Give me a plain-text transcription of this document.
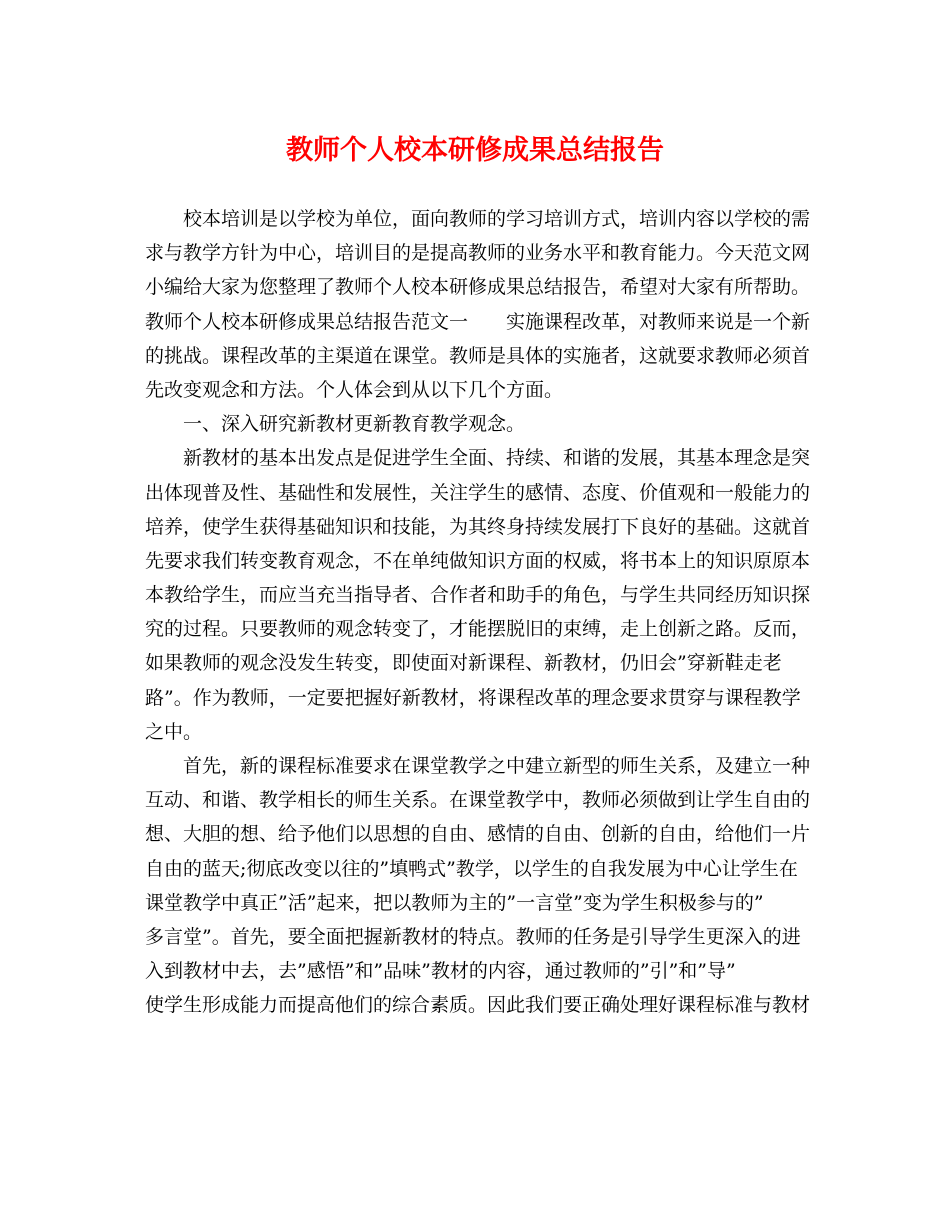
教师个人校本研修成果总结报告
校本培训是以学校为单位，面向教师的学习培训方式，培训内容以学校的需
求与教学方针为中心，培训目的是提高教师的业务水平和教育能力。今天范文网
小编给大家为您整理了教师个人校本研修成果总结报告，希望对大家有所帮助。
教师个人校本研修成果总结报告范文一　　实施课程改革，对教师来说是一个新
的挑战。课程改革的主渠道在课堂。教师是具体的实施者，这就要求教师必须首
先改变观念和方法。个人体会到从以下几个方面。
一、深入研究新教材更新教育教学观念。
新教材的基本出发点是促进学生全面、持续、和谐的发展，其基本理念是突
出体现普及性、基础性和发展性，关注学生的感情、态度、价值观和一般能力的
培养，使学生获得基础知识和技能，为其终身持续发展打下良好的基础。这就首
先要求我们转变教育观念，不在单纯做知识方面的权威，将书本上的知识原原本
本教给学生，而应当充当指导者、合作者和助手的角色，与学生共同经历知识探
究的过程。只要教师的观念转变了，才能摆脱旧的束缚，走上创新之路。反而，
如果教师的观念没发生转变，即使面对新课程、新教材，仍旧会”穿新鞋走老
路”。作为教师，一定要把握好新教材，将课程改革的理念要求贯穿与课程教学
之中。
首先，新的课程标准要求在课堂教学之中建立新型的师生关系，及建立一种
互动、和谐、教学相长的师生关系。在课堂教学中，教师必须做到让学生自由的
想、大胆的想、给予他们以思想的自由、感情的自由、创新的自由，给他们一片
自由的蓝天;彻底改变以往的”填鸭式”教学，以学生的自我发展为中心让学生在
课堂教学中真正”活”起来，把以教师为主的”一言堂”变为学生积极参与的”
多言堂”。首先，要全面把握新教材的特点。教师的任务是引导学生更深入的进
入到教材中去，去”感悟”和”品味”教材的内容，通过教师的”引”和”导”
使学生形成能力而提高他们的综合素质。因此我们要正确处理好课程标准与教材
